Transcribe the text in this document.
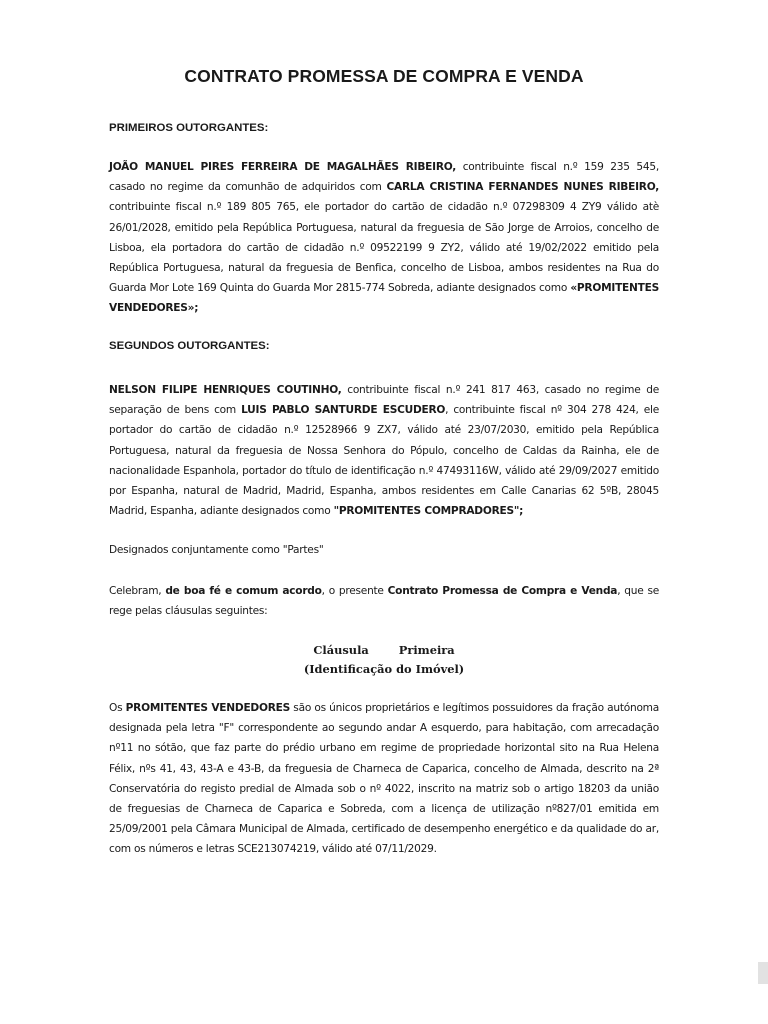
CONTRATO PROMESSA DE COMPRA E VENDA
PRIMEIROS OUTORGANTES:
JOÃO MANUEL PIRES FERREIRA DE MAGALHÃES RIBEIRO, contribuinte fiscal n.º 159 235 545,
casado no regime da comunhão de adquiridos com CARLA CRISTINA FERNANDES NUNES RIBEIRO,
contribuinte fiscal n.º 189 805 765, ele portador do cartão de cidadão n.º 07298309 4 ZY9 válido atè
26/01/2028, emitido pela República Portuguesa, natural da freguesia de São Jorge de Arroios, concelho de
Lisboa, ela portadora do cartão de cidadão n.º 09522199 9 ZY2, válido até 19/02/2022 emitido pela
República Portuguesa, natural da freguesia de Benfica, concelho de Lisboa, ambos residentes na Rua do
Guarda Mor Lote 169 Quinta do Guarda Mor 2815-774 Sobreda, adiante designados como «PROMITENTES
VENDEDORES»;
SEGUNDOS OUTORGANTES:
NELSON FILIPE HENRIQUES COUTINHO, contribuinte fiscal n.º 241 817 463, casado no regime de
separação de bens com LUIS PABLO SANTURDE ESCUDERO, contribuinte fiscal nº 304 278 424, ele
portador do cartão de cidadão n.º 12528966 9 ZX7, válido até 23/07/2030, emitido pela República
Portuguesa, natural da freguesia de Nossa Senhora do Pópulo, concelho de Caldas da Rainha, ele de
nacionalidade Espanhola, portador do título de identificação n.º 47493116W, válido até 29/09/2027 emitido
por Espanha, natural de Madrid, Madrid, Espanha, ambos residentes em Calle Canarias 62 5ºB, 28045
Madrid, Espanha, adiante designados como "PROMITENTES COMPRADORES";
Designados conjuntamente como "Partes"
Celebram, de boa fé e comum acordo, o presente Contrato Promessa de Compra e Venda, que se
rege pelas cláusulas seguintes:
Cláusula Primeira
(Identificação do Imóvel)
Os PROMITENTES VENDEDORES são os únicos proprietários e legítimos possuidores da fração autónoma
designada pela letra "F" correspondente ao segundo andar A esquerdo, para habitação, com arrecadação
nº11 no sótão, que faz parte do prédio urbano em regime de propriedade horizontal sito na Rua Helena
Félix, nºs 41, 43, 43-A e 43-B, da freguesia de Charneca de Caparica, concelho de Almada, descrito na 2ª
Conservatória do registo predial de Almada sob o nº 4022, inscrito na matriz sob o artigo 18203 da união
de freguesias de Charneca de Caparica e Sobreda, com a licença de utilização nº827/01 emitida em
25/09/2001 pela Câmara Municipal de Almada, certificado de desempenho energético e da qualidade do ar,
com os números e letras SCE213074219, válido até 07/11/2029.
